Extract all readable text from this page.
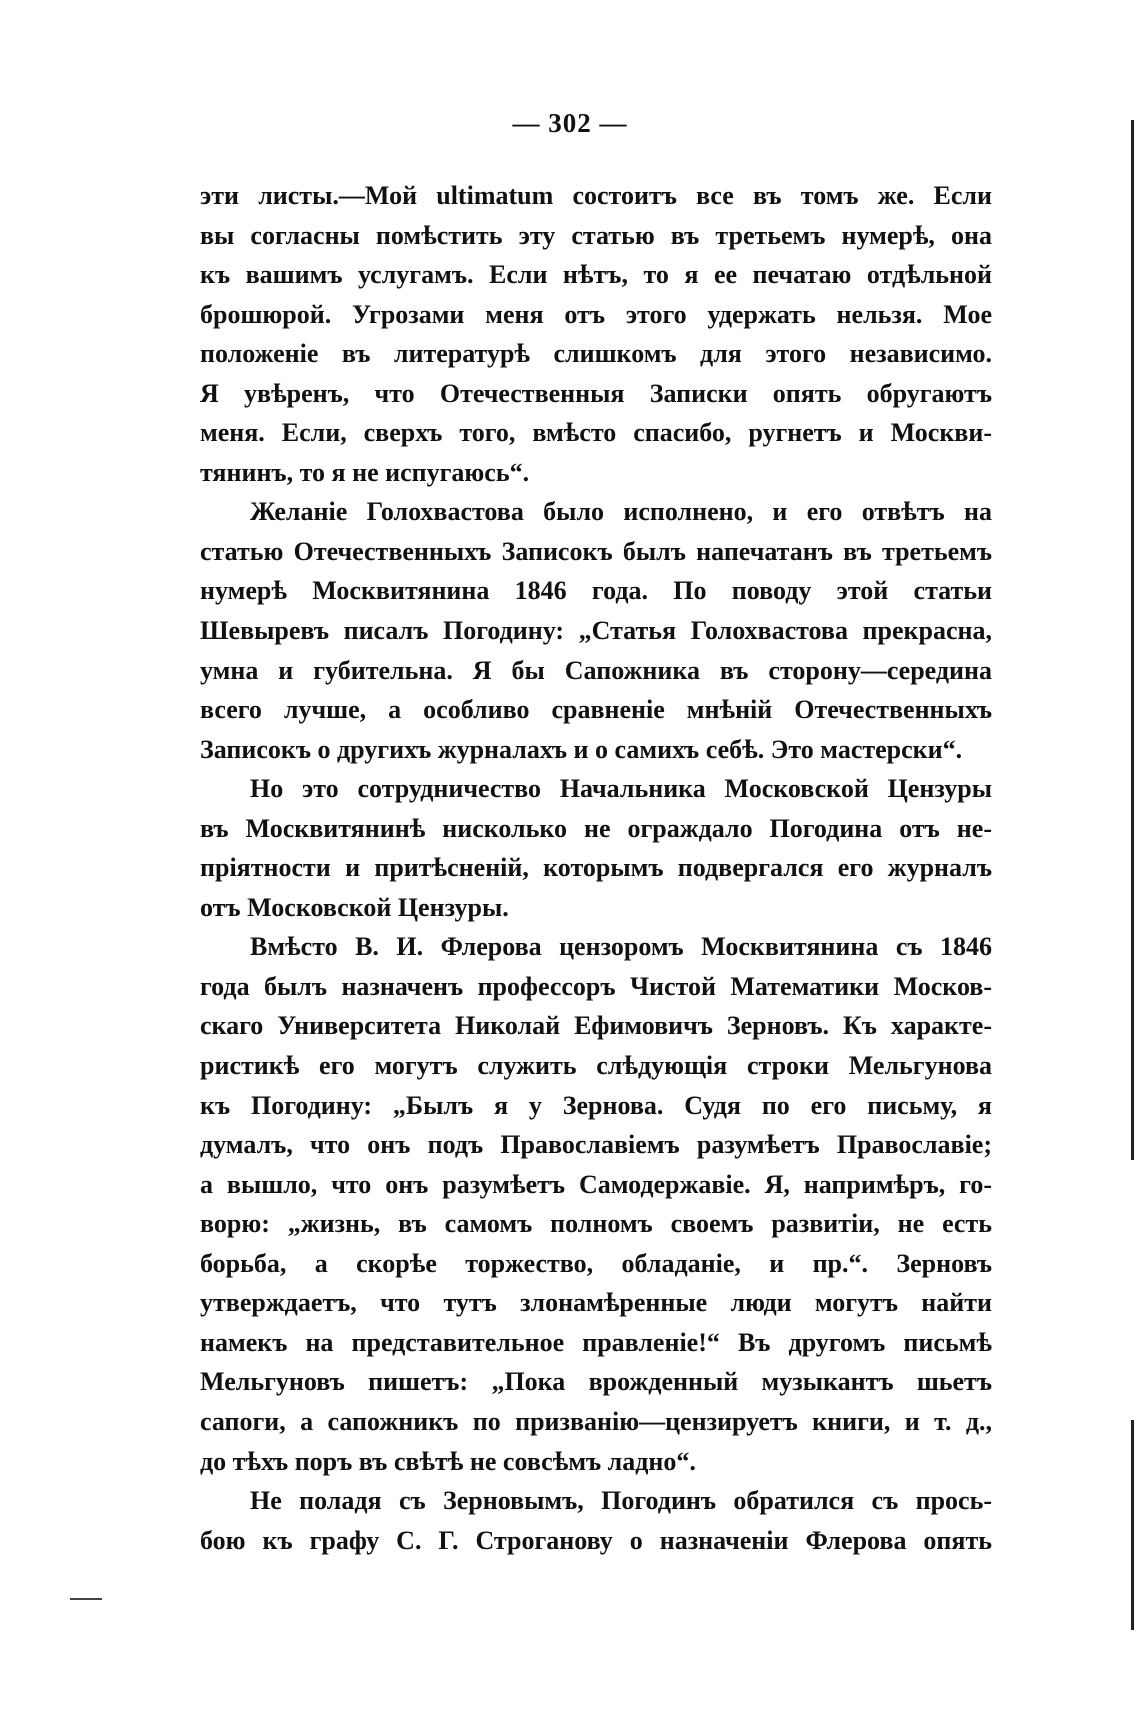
— 302 —
эти листы.—Мой ultimatum состоитъ все въ томъ же. Если
вы согласны помѣстить эту статью въ третьемъ нумерѣ, она
къ вашимъ услугамъ. Если нѣтъ, то я ее печатаю отдѣльной
брошюрой. Угрозами меня отъ этого удержать нельзя. Мое
положеніе въ литературѣ слишкомъ для этого независимо.
Я увѣренъ, что Отечественныя Записки опять обругаютъ
меня. Если, сверхъ того, вмѣсто спасибо, ругнетъ и Москви-
тянинъ, то я не испугаюсь“.
Желаніе Голохвастова было исполнено, и его отвѣтъ на
статью Отечественныхъ Записокъ былъ напечатанъ въ третьемъ
нумерѣ Москвитянина 1846 года. По поводу этой статьи
Шевыревъ писалъ Погодину: „Статья Голохвастова прекрасна,
умна и губительна. Я бы Сапожника въ сторону—середина
всего лучше, а особливо сравненіе мнѣній Отечественныхъ
Записокъ о другихъ журналахъ и о самихъ себѣ. Это мастерски“.
Но это сотрудничество Начальника Московской Цензуры
въ Москвитянинѣ нисколько не ограждало Погодина отъ не-
пріятности и притѣсненій, которымъ подвергался его журналъ
отъ Московской Цензуры.
Вмѣсто В. И. Флерова цензоромъ Москвитянина съ 1846
года былъ назначенъ профессоръ Чистой Математики Москов-
скаго Университета Николай Ефимовичъ Зерновъ. Къ характе-
ристикѣ его могутъ служить слѣдующія строки Мельгунова
къ Погодину: „Былъ я у Зернова. Судя по его письму, я
думалъ, что онъ подъ Православіемъ разумѣетъ Православіе;
а вышло, что онъ разумѣетъ Самодержавіе. Я, напримѣръ, го-
ворю: „жизнь, въ самомъ полномъ своемъ развитіи, не есть
борьба, а скорѣе торжество, обладаніе, и пр.“. Зерновъ
утверждаетъ, что тутъ злонамѣренные люди могутъ найти
намекъ на представительное правленіе!“ Въ другомъ письмѣ
Мельгуновъ пишетъ: „Пока врожденный музыкантъ шьетъ
сапоги, а сапожникъ по призванію—цензируетъ книги, и т. д.,
до тѣхъ поръ въ свѣтѣ не совсѣмъ ладно“.
Не поладя съ Зерновымъ, Погодинъ обратился съ прось-
бою къ графу С. Г. Строганову о назначеніи Флерова опять
